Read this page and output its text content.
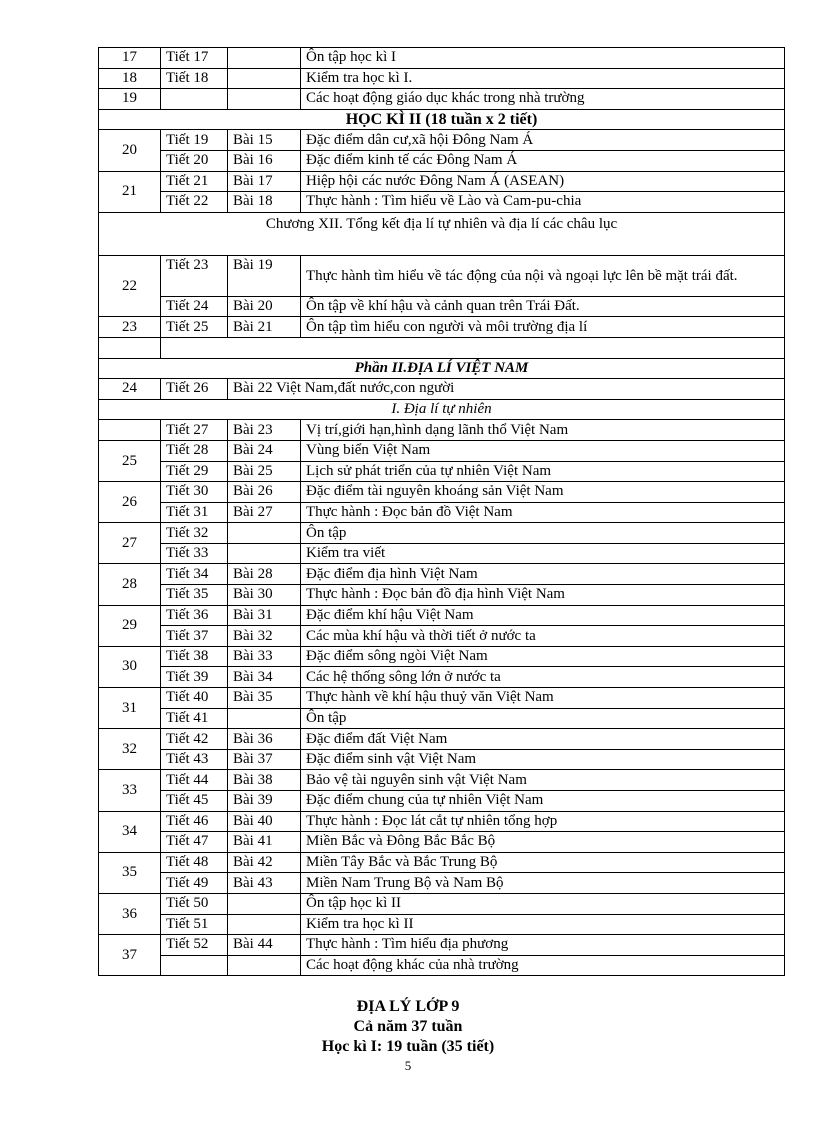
17	Tiết 17		Ôn tập học kì I
18	Tiết 18		Kiểm tra học kì I.
19			Các hoạt động giáo dục khác trong nhà trường
HỌC KÌ II (18 tuần x 2 tiết)			
20	Tiết 19	Bài 15	Đặc điểm dân cư,xã hội Đông Nam Á
	Tiết 20	Bài 16	Đặc điểm kinh tế các Đông Nam Á
21	Tiết 21	Bài 17	Hiệp hội các nước Đông Nam Á (ASEAN)
	Tiết 22	Bài 18	Thực hành : Tìm hiểu về Lào và Cam-pu-chia
Chương XII. Tổng kết địa lí tự nhiên và địa lí các châu lục			
22	Tiết 23	Bài 19	Thực hành tìm hiểu về tác động của nội và ngoại lực lên bề mặt trái đất.
	Tiết 24	Bài 20	Ôn tập về khí hậu và cảnh quan trên Trái Đất.
23	Tiết 25	Bài 21	Ôn tập tìm hiểu con người và môi trường địa lí

Phần II.ĐỊA LÍ VIỆT NAM			
24	Tiết 26	Bài 22 Việt Nam,đất nước,con người	
I. Địa lí tự nhiên			
	Tiết 27	Bài 23	Vị trí,giới hạn,hình dạng lãnh thổ Việt Nam
25	Tiết 28	Bài 24	Vùng biển Việt Nam
	Tiết 29	Bài 25	Lịch sử phát triển của tự nhiên Việt Nam
26	Tiết 30	Bài 26	Đặc điểm tài nguyên khoáng sản Việt Nam
	Tiết 31	Bài 27	Thực hành : Đọc bản đồ Việt Nam
27	Tiết 32		Ôn tập
	Tiết 33		Kiểm tra viết
28	Tiết 34	Bài 28	Đặc điểm địa hình Việt Nam
	Tiết 35	Bài 30	Thực hành : Đọc bản đồ địa hình Việt Nam
29	Tiết 36	Bài 31	Đặc điểm khí hậu Việt Nam
	Tiết 37	Bài 32	Các mùa khí hậu và thời tiết ở nước ta
30	Tiết 38	Bài 33	Đặc điểm sông ngòi Việt Nam
	Tiết 39	Bài 34	Các hệ thống sông lớn ở nước ta
31	Tiết 40	Bài 35	Thực hành về khí hậu thuỷ văn Việt Nam
	Tiết 41		Ôn tập
32	Tiết 42	Bài 36	Đặc điểm đất Việt Nam
	Tiết 43	Bài 37	Đặc điểm sinh vật Việt Nam
33	Tiết 44	Bài 38	Bảo vệ tài nguyên sinh vật Việt Nam
	Tiết 45	Bài 39	Đặc điểm chung của tự nhiên Việt Nam
34	Tiết 46	Bài 40	Thực hành : Đọc lát cắt tự nhiên tổng hợp
	Tiết 47	Bài 41	Miền Bắc và Đông Bắc Bắc Bộ
35	Tiết 48	Bài 42	Miền Tây Bắc và Bắc Trung Bộ
	Tiết 49	Bài 43	Miền Nam Trung Bộ và Nam Bộ
36	Tiết 50		Ôn tập học kì II
	Tiết 51		Kiểm tra học kì II
37	Tiết 52	Bài 44	Thực hành : Tìm hiểu địa phương
			Các hoạt động khác của nhà trường
ĐỊA LÝ LỚP 9
Cả năm 37 tuần
Học kì I: 19 tuần (35 tiết)
5
